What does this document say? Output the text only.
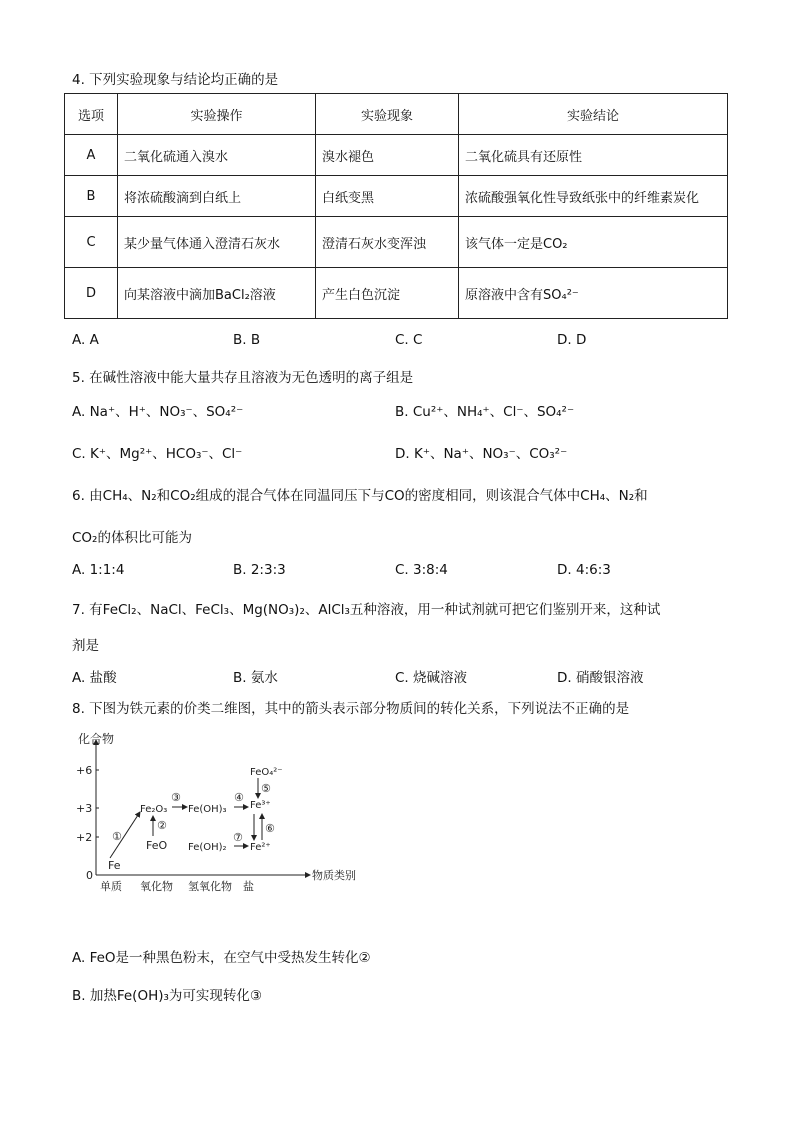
4. 下列实验现象与结论均正确的是
选项	实验操作	实验现象	实验结论
A	二氧化硫通入溴水	溴水褪色	二氧化硫具有还原性
B	将浓硫酸滴到白纸上	白纸变黑	浓硫酸强氧化性导致纸张中的纤维素炭化
C	某少量气体通入澄清石灰水	澄清石灰水变浑浊	该气体一定是CO₂
D	向某溶液中滴加BaCl₂溶液	产生白色沉淀	原溶液中含有SO₄²⁻
A. A	B. B	C. C	D. D
5. 在碱性溶液中能大量共存且溶液为无色透明的离子组是
A. Na⁺、H⁺、NO₃⁻、SO₄²⁻	B. Cu²⁺、NH₄⁺、Cl⁻、SO₄²⁻
C. K⁺、Mg²⁺、HCO₃⁻、Cl⁻	D. K⁺、Na⁺、NO₃⁻、CO₃²⁻
6. 由CH₄、N₂和CO₂组成的混合气体在同温同压下与CO的密度相同，则该混合气体中CH₄、N₂和
CO₂的体积比可能为
A. 1:1:4	B. 2:3:3	C. 3:8:4	D. 4:6:3
7. 有FeCl₂、NaCl、FeCl₃、Mg(NO₃)₂、AlCl₃五种溶液，用一种试剂就可把它们鉴别开来，这种试
剂是
A. 盐酸	B. 氨水	C. 烧碱溶液	D. 硝酸银溶液
8. 下图为铁元素的价类二维图，其中的箭头表示部分物质间的转化关系，下列说法不正确的是
化合物
物质类别
+6
+3
+2
0
单质 氧化物 氢氧化物 盐
Fe
Fe₂O₃
FeO
Fe(OH)₃
Fe(OH)₂
Fe³⁺
Fe²⁺
FeO₄²⁻
①
②
③	④
⑤
⑥
⑦
A. FeO是一种黑色粉末，在空气中受热发生转化②
B. 加热Fe(OH)₃为可实现转化③
